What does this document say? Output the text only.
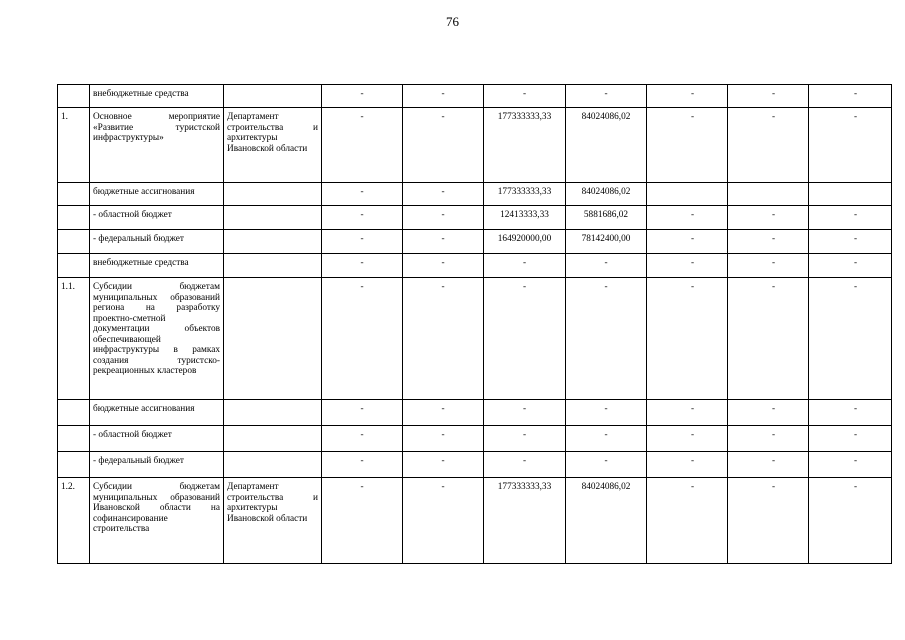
76
	внебюджетные средства		-	-	-	-	-	-	-
1.	Основное мероприятие «Развитие туристской инфраструктуры»	Департамент строительства и архитектуры Ивановской области	-	-	177333333,33	84024086,02	-	-	-
	бюджетные ассигнования		-	-	177333333,33	84024086,02			
	- областной бюджет		-	-	12413333,33	5881686,02	-	-	-
	- федеральный бюджет		-	-	164920000,00	78142400,00	-	-	-
	внебюджетные средства		-	-	-	-	-	-	-
1.1.	Субсидии бюджетам муниципальных образований региона на разработку проектно-сметной документации объектов обеспечивающей инфраструктуры в рамках создания туристско-рекреационных кластеров		-	-	-	-	-	-	-
	бюджетные ассигнования		-	-	-	-	-	-	-
	- областной бюджет		-	-	-	-	-	-	-
	- федеральный бюджет		-	-	-	-	-	-	-
1.2.	Субсидии бюджетам муниципальных образований Ивановской области на софинансирование строительства	Департамент строительства и архитектуры Ивановской области	-	-	177333333,33	84024086,02	-	-	-
